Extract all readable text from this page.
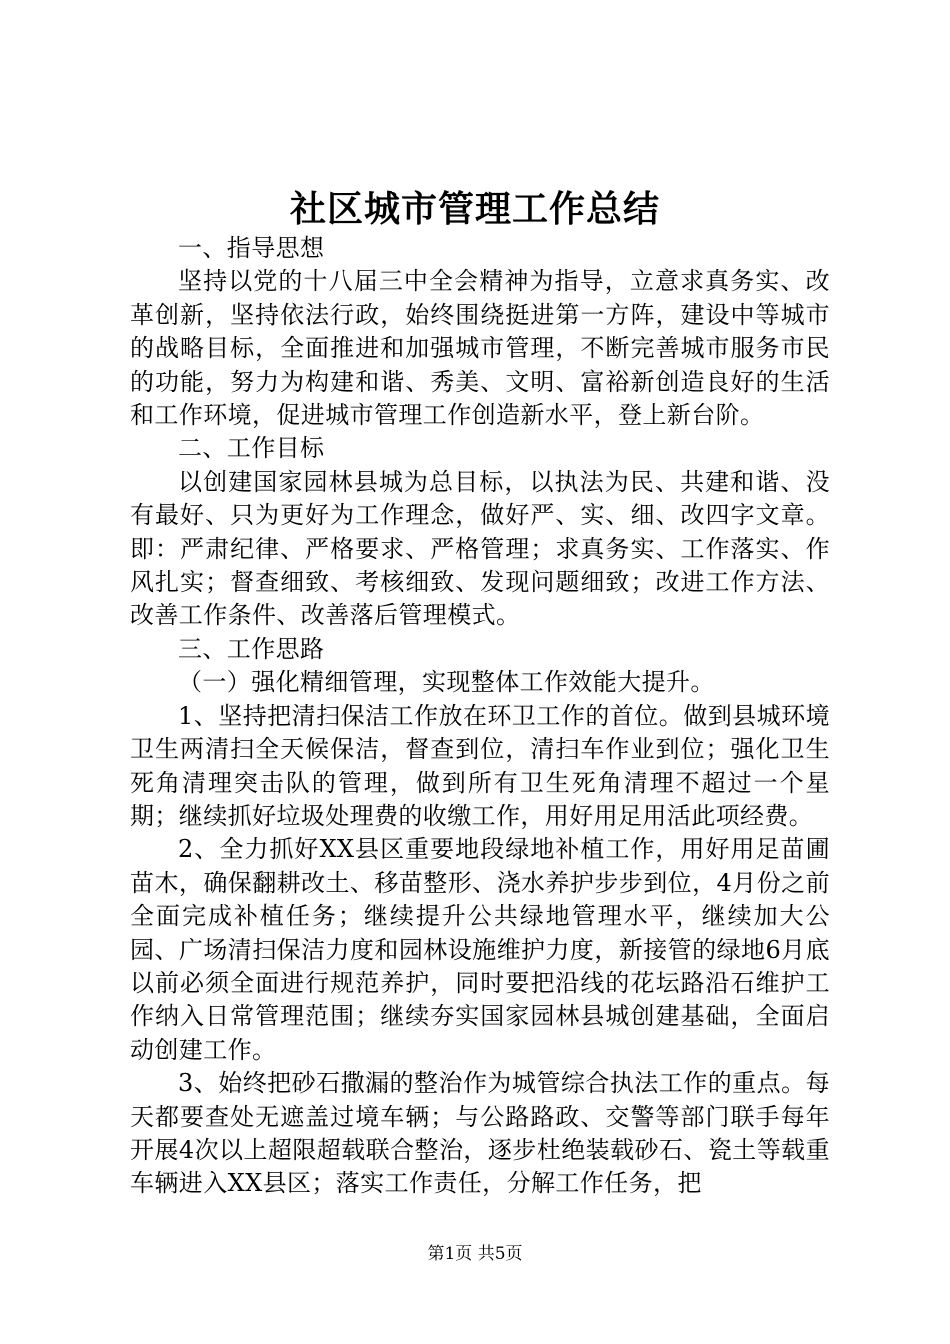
社区城市管理工作总结

一、指导思想

坚持以党的十八届三中全会精神为指导，立意求真务实、改革创新，坚持依法行政，始终围绕挺进第一方阵，建设中等城市的战略目标，全面推进和加强城市管理，不断完善城市服务市民的功能，努力为构建和谐、秀美、文明、富裕新创造良好的生活和工作环境，促进城市管理工作创造新水平，登上新台阶。

二、工作目标

以创建国家园林县城为总目标，以执法为民、共建和谐、没有最好、只为更好为工作理念，做好严、实、细、改四字文章。即：严肃纪律、严格要求、严格管理；求真务实、工作落实、作风扎实；督查细致、考核细致、发现问题细致；改进工作方法、改善工作条件、改善落后管理模式。

三、工作思路

（一）强化精细管理，实现整体工作效能大提升。

1、坚持把清扫保洁工作放在环卫工作的首位。做到县城环境卫生两清扫全天候保洁，督查到位，清扫车作业到位；强化卫生死角清理突击队的管理，做到所有卫生死角清理不超过一个星期；继续抓好垃圾处理费的收缴工作，用好用足用活此项经费。

2、全力抓好XX县区重要地段绿地补植工作，用好用足苗圃苗木，确保翻耕改土、移苗整形、浇水养护步步到位，4月份之前全面完成补植任务；继续提升公共绿地管理水平，继续加大公园、广场清扫保洁力度和园林设施维护力度，新接管的绿地6月底以前必须全面进行规范养护，同时要把沿线的花坛路沿石维护工作纳入日常管理范围；继续夯实国家园林县城创建基础，全面启动创建工作。

3、始终把砂石撒漏的整治作为城管综合执法工作的重点。每天都要查处无遮盖过境车辆；与公路路政、交警等部门联手每年开展4次以上超限超载联合整治，逐步杜绝装载砂石、瓷土等载重车辆进入XX县区；落实工作责任，分解工作任务，把

第1页 共5页
